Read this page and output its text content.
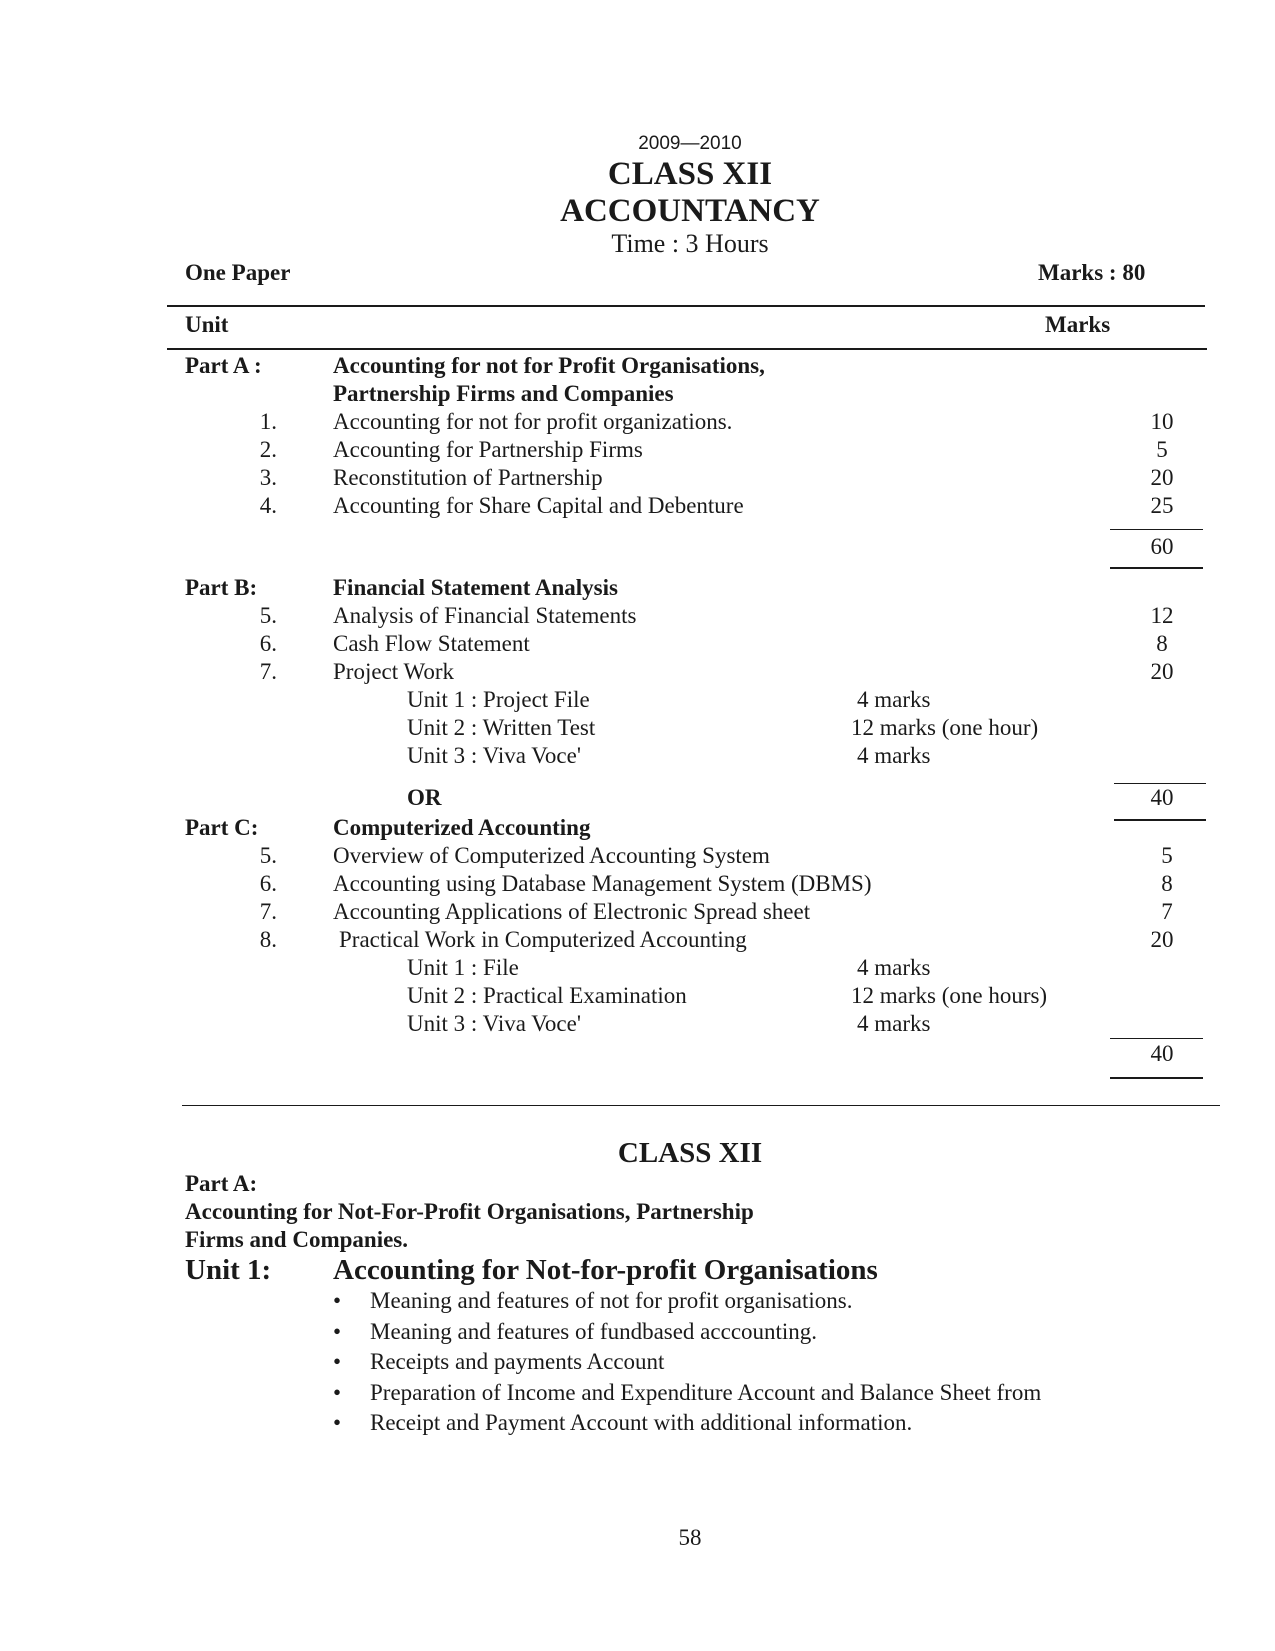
2009—2010
CLASS XII
ACCOUNTANCY
Time : 3 Hours
One Paper	Marks : 80
Unit	Marks
Part A :	Accounting for not for Profit Organisations,
Partnership Firms and Companies
1. Accounting for not for profit organizations.	10
2. Accounting for Partnership Firms	5
3. Reconstitution of Partnership	20
4. Accounting for Share Capital and Debenture	25
60
Part B:	Financial Statement Analysis
5. Analysis of Financial Statements	12
6. Cash Flow Statement	8
7. Project Work	20
Unit 1 : Project File	4 marks
Unit 2 : Written Test	12 marks (one hour)
Unit 3 : Viva Voce'	4 marks
OR	40
Part C:	Computerized Accounting
5. Overview of Computerized Accounting System	5
6. Accounting using Database Management System (DBMS)	8
7. Accounting Applications of Electronic Spread sheet	7
8.	Practical Work in Computerized Accounting	20
Unit 1 : File	4 marks
Unit 2 : Practical Examination	12 marks (one hours)
Unit 3 : Viva Voce'	4 marks
40
CLASS XII
Part A:
Accounting for Not-For-Profit Organisations, Partnership
Firms and Companies.
Unit 1: Accounting for Not-for-profit Organisations
• Meaning and features of not for profit organisations.
• Meaning and features of fundbased acccounting.
• Receipts and payments Account
• Preparation of Income and Expenditure Account and Balance Sheet from
• Receipt and Payment Account with additional information.
58
